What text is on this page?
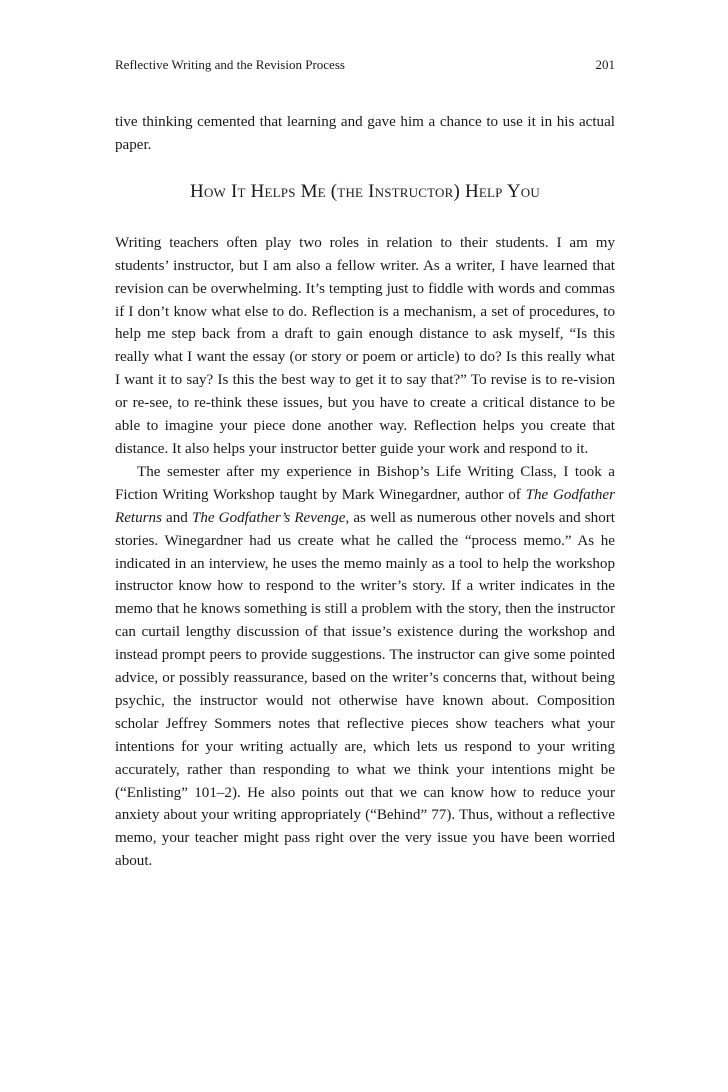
Reflective Writing and the Revision Process	201

tive thinking cemented that learning and gave him a chance to use it in his actual paper.

How It Helps Me (the Instructor) Help You

Writing teachers often play two roles in relation to their students. I am my students’ instructor, but I am also a fellow writer. As a writer, I have learned that revision can be overwhelming. It’s tempting just to fiddle with words and commas if I don’t know what else to do. Reflection is a mechanism, a set of procedures, to help me step back from a draft to gain enough distance to ask myself, “Is this really what I want the essay (or story or poem or article) to do? Is this really what I want it to say? Is this the best way to get it to say that?” To revise is to re-vision or re-see, to re-think these issues, but you have to create a critical distance to be able to imagine your piece done another way. Reflection helps you create that distance. It also helps your instructor better guide your work and respond to it.

The semester after my experience in Bishop’s Life Writing Class, I took a Fiction Writing Workshop taught by Mark Winegardner, author of The Godfather Returns and The Godfather’s Revenge, as well as numerous other novels and short stories. Winegardner had us create what he called the “process memo.” As he indicated in an interview, he uses the memo mainly as a tool to help the workshop instructor know how to respond to the writer’s story. If a writer indicates in the memo that he knows something is still a problem with the story, then the instructor can curtail lengthy discussion of that issue’s existence during the workshop and instead prompt peers to provide suggestions. The instructor can give some pointed advice, or possibly reassurance, based on the writer’s concerns that, without being psychic, the instructor would not otherwise have known about. Composition scholar Jeffrey Sommers notes that reflective pieces show teachers what your intentions for your writing actually are, which lets us respond to your writing accurately, rather than responding to what we think your intentions might be (“Enlisting” 101–2). He also points out that we can know how to reduce your anxiety about your writing appropriately (“Behind” 77). Thus, without a reflective memo, your teacher might pass right over the very issue you have been worried about.
